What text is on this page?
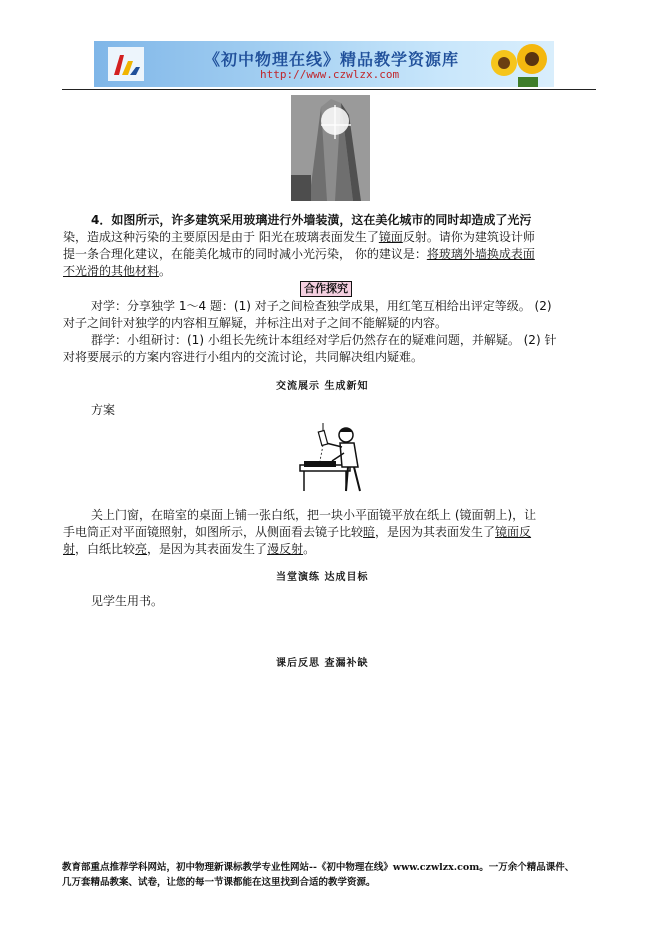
《初中物理在线》精品教学资源库
http://www.czwlzx.com
4．如图所示，许多建筑采用玻璃进行外墙装潢，这在美化城市的同时却造成了光污
染，造成这种污染的主要原因是由于 阳光在玻璃表面发生了镜面反射。请你为建筑设计师
提一条合理化建议，在能美化城市的同时减小光污染， 你的建议是：将玻璃外墙换成表面
不光滑的其他材料。
合作探究
对学：分享独学 1～4 题：(1) 对子之间检查独学成果，用红笔互相给出评定等级。 (2)
对子之间针对独学的内容相互解疑，并标注出对子之间不能解疑的内容。
群学：小组研讨：(1) 小组长先统计本组经对学后仍然存在的疑难问题，并解疑。 (2) 针
对将要展示的方案内容进行小组内的交流讨论，共同解决组内疑难。
交流展示 生成新知
方案
关上门窗，在暗室的桌面上铺一张白纸，把一块小平面镜平放在纸上 (镜面朝上)，让
手电筒正对平面镜照射，如图所示，从侧面看去镜子比较暗，是因为其表面发生了镜面反
射，白纸比较亮，是因为其表面发生了漫反射。
当堂演练 达成目标
见学生用书。
课后反思 查漏补缺
教育部重点推荐学科网站，初中物理新课标教学专业性网站--《初中物理在线》www.czwlzx.com。一万余个精品课件、
几万套精品教案、试卷，让您的每一节课都能在这里找到合适的教学资源。
